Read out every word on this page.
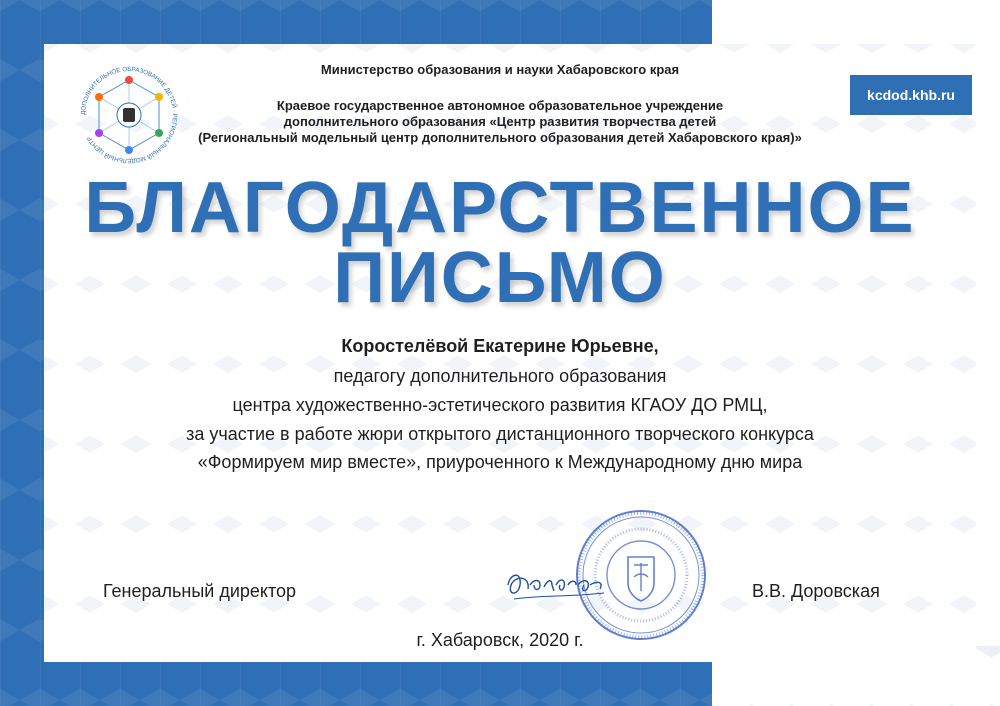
kcdod.khb.ru
ДОПОЛНИТЕЛЬНОЕ ОБРАЗОВАНИЕ ДЕТЕЙ · РЕГИОНАЛЬНЫЙ МОДЕЛЬНЫЙ ЦЕНТР
Министерство образования и науки Хабаровского края
Краевое государственное автономное образовательное учреждение
дополнительного образования «Центр развития творчества детей
(Региональный модельный центр дополнительного образования детей Хабаровского края)»
БЛАГОДАРСТВЕННОЕ
ПИСЬМО
Коростелёвой Екатерине Юрьевне,
педагогу дополнительного образования
центра художественно-эстетического развития КГАОУ ДО РМЦ,
за участие в работе жюри открытого дистанционного творческого конкурса
«Формируем мир вместе», приуроченного к Международному дню мира
Генеральный директор	В.В. Доровская
г. Хабаровск, 2020 г.
